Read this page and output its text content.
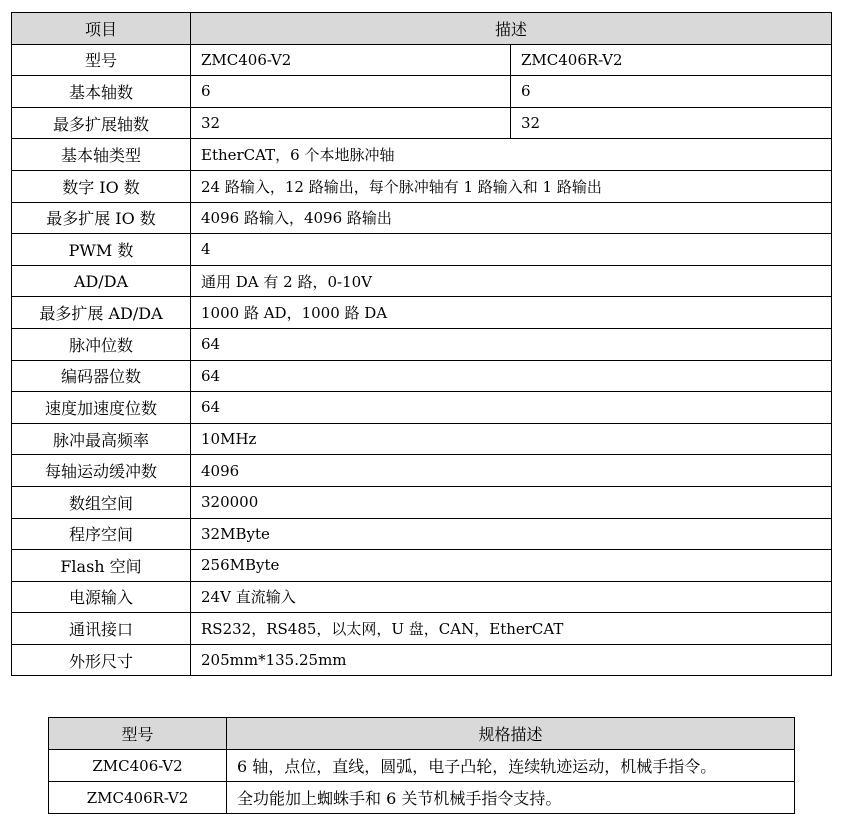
项目	描述	
型号	ZMC406-V2	ZMC406R-V2
基本轴数	6	6
最多扩展轴数	32	32
基本轴类型	EtherCAT，6 个本地脉冲轴	
数字 IO 数	24 路输入，12 路输出，每个脉冲轴有 1 路输入和 1 路输出	
最多扩展 IO 数	4096 路输入，4096 路输出	
PWM 数	4	
AD/DA	通用 DA 有 2 路，0-10V	
最多扩展 AD/DA	1000 路 AD，1000 路 DA	
脉冲位数	64	
编码器位数	64	
速度加速度位数	64	
脉冲最高频率	10MHz	
每轴运动缓冲数	4096	
数组空间	320000	
程序空间	32MByte	
Flash 空间	256MByte	
电源输入	24V 直流输入	
通讯接口	RS232，RS485，以太网，U 盘，CAN，EtherCAT	
外形尺寸	205mm*135.25mm	
型号	规格描述
ZMC406-V2	6 轴，点位，直线，圆弧，电子凸轮，连续轨迹运动，机械手指令。
ZMC406R-V2	全功能加上蜘蛛手和 6 关节机械手指令支持。
